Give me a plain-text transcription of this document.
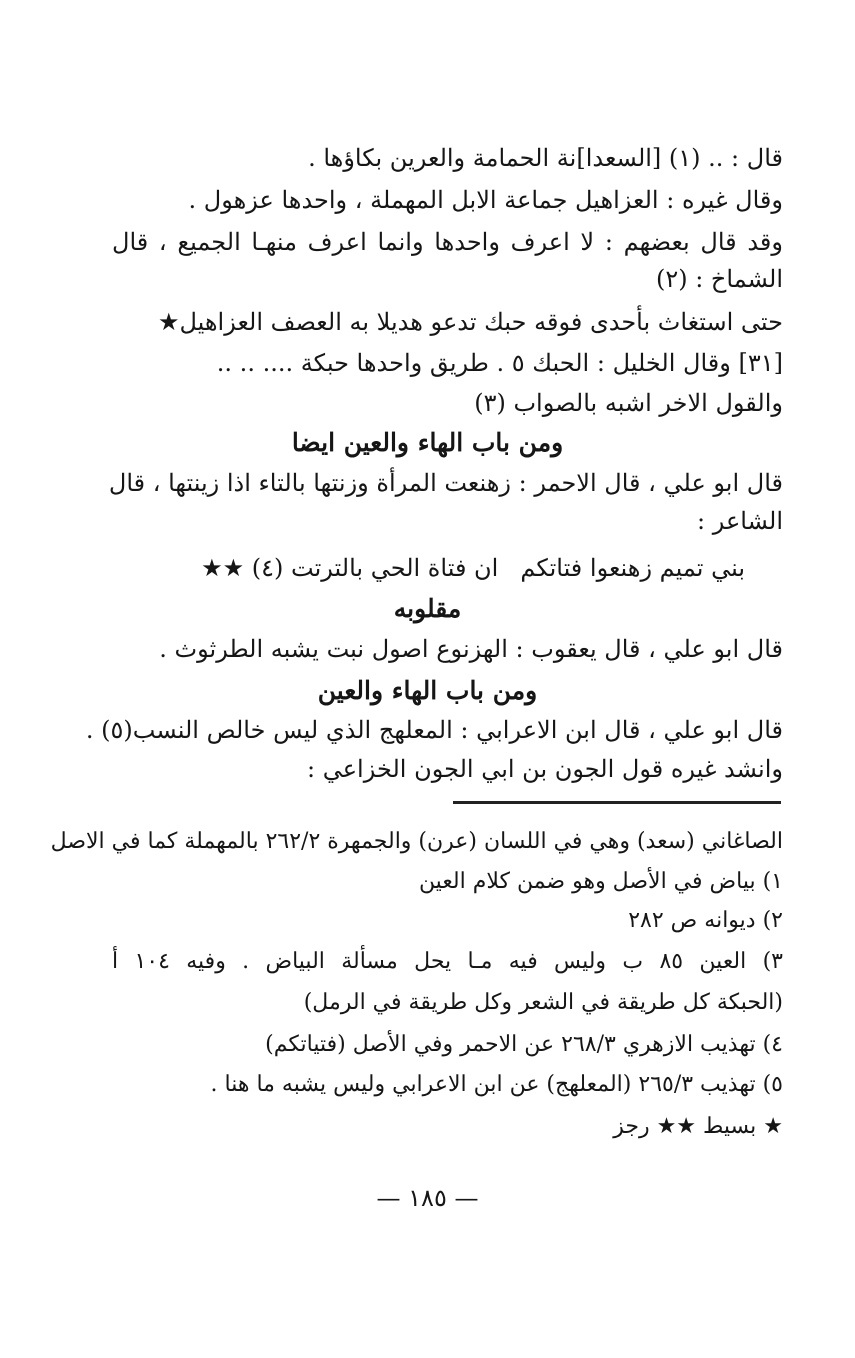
قال : .. (١) [السعدا]نة الحمامة والعرين بكاؤها .
وقال غيره : العزاهيل جماعة الابل المهملة ، واحدها عزهول .
وقد قال بعضهم : لا اعرف واحدها وانما اعرف منهـا الجميع ، قال
الشماخ : (٢)
حتى استغاث بأحدى فوقه حبك تدعو هديلا به العصف العزاهيل★
[٣١] وقال الخليل : الحبك ٥ . طريق واحدها حبكة .... .. ..
والقول الاخر اشبه بالصواب (٣)
ومن باب الهاء والعين ايضا
قال ابو علي ، قال الاحمر : زهنعت المرأة وزنتها بالتاء اذا زينتها ، قال
الشاعر :
بني تميم زهنعوا فتاتكمان فتاة الحي بالترتت (٤) ★★
مقلوبه
قال ابو علي ، قال يعقوب : الهزنوع اصول نبت يشبه الطرثوث .
ومن باب الهاء والعين
قال ابو علي ، قال ابن الاعرابي : المعلهج الذي ليس خالص النسب(٥) .
وانشد غيره قول الجون بن ابي الجون الخزاعي :
الصاغاني (سعد) وهي في اللسان (عرن) والجمهرة ٢٦٢/٢ بالمهملة كما في الاصل
١) بياض في الأصل وهو ضمن كلام العين
٢) ديوانه ص ٢٨٢
٣) العين ٨٥ ب وليس فيه مـا يحل مسألة البياض . وفيه ١٠٤ أ
(الحبكة كل طريقة في الشعر وكل طريقة في الرمل)
٤) تهذيب الازهري ٢٦٨/٣ عن الاحمر وفي الأصل (فتياتكم)
٥) تهذيب ٢٦٥/٣ (المعلهج) عن ابن الاعرابي وليس يشبه ما هنا .
★ بسيط ★★ رجز
— ١٨٥ —
